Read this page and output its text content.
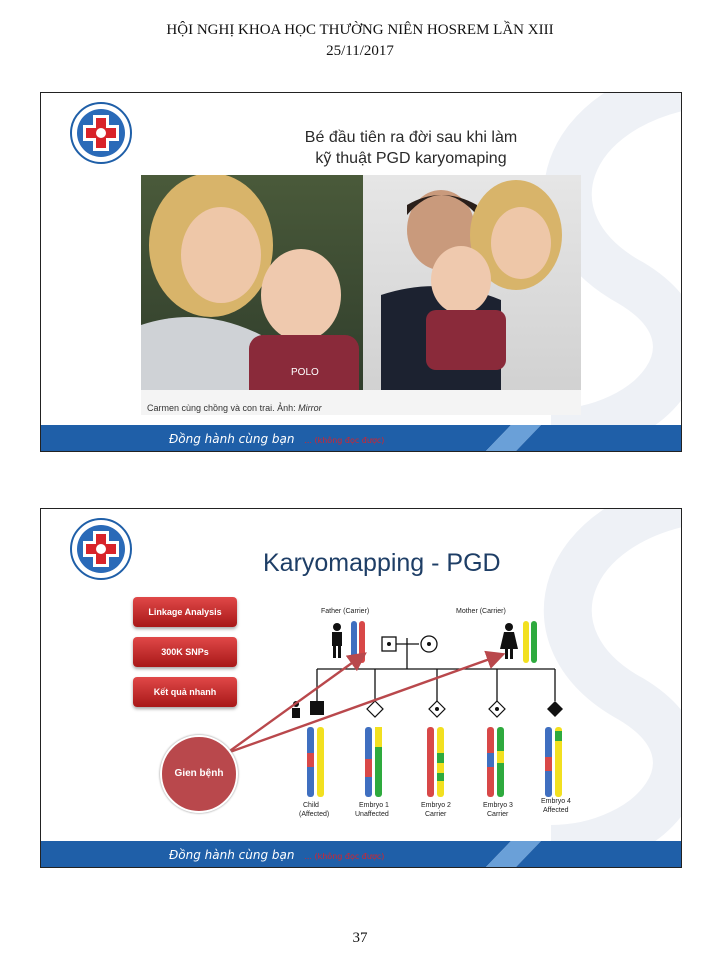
HỘI NGHỊ KHOA HỌC THƯỜNG NIÊN HOSREM LẦN XIII
25/11/2017
Bé đầu tiên ra đời sau khi làm
kỹ thuật PGD karyomaping
POLO
Carmen cùng chồng và con trai. Ảnh: Mirror
Đồng hành cùng bạn ... (không đọc được)
Karyomapping - PGD
Linkage Analysis
300K SNPs
Kết quả nhanh
Father (Carrier)	Mother (Carrier)
Child
(Affected)
Embryo 1
Unaffected
Embryo 2
Carrier
Embryo 3
Carrier
Embryo 4
Affected
Gien bệnh
Đồng hành cùng bạn ... (không đọc được)
37
